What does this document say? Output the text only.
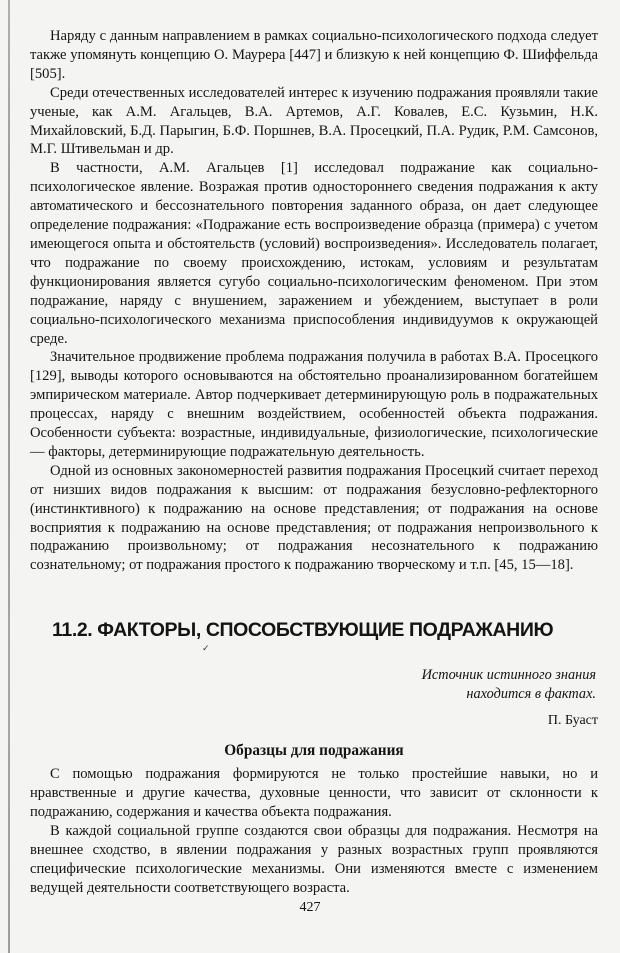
Наряду с данным направлением в рамках социально-психологического подхода следует также упомянуть концепцию О. Маурера [447] и близкую к ней концепцию Ф. Шиффельда [505].

Среди отечественных исследователей интерес к изучению подражания проявляли такие ученые, как А.М. Агальцев, В.А. Артемов, А.Г. Ковалев, Е.С. Кузьмин, Н.К. Михайловский, Б.Д. Парыгин, Б.Ф. Поршнев, В.А. Просецкий, П.А. Рудик, Р.М. Самсонов, М.Г. Штивельман и др.

В частности, А.М. Агальцев [1] исследовал подражание как социально-психологическое явление. Возражая против одностороннего сведения подражания к акту автоматического и бессознательного повторения заданного образа, он дает следующее определение подражания: «Подражание есть воспроизведение образца (примера) с учетом имеющегося опыта и обстоятельств (условий) воспроизведения». Исследователь полагает, что подражание по своему происхождению, истокам, условиям и результатам функционирования является сугубо социально-психологическим феноменом. При этом подражание, наряду с внушением, заражением и убеждением, выступает в роли социально-психологического механизма приспособления индивидуумов к окружающей среде.

Значительное продвижение проблема подражания получила в работах В.А. Просецкого [129], выводы которого основываются на обстоятельно проанализированном богатейшем эмпирическом материале. Автор подчеркивает детерминирующую роль в подражательных процессах, наряду с внешним воздействием, особенностей объекта подражания. Особенности субъекта: возрастные, индивидуальные, физиологические, психологические — факторы, детерминирующие подражательную деятельность.

Одной из основных закономерностей развития подражания Просецкий считает переход от низших видов подражания к высшим: от подражания безусловно-рефлекторного (инстинктивного) к подражанию на основе представления; от подражания на основе восприятия к подражанию на основе представления; от подражания непроизвольного к подражанию произвольному; от подражания несознательного к подражанию сознательному; от подражания простого к подражанию творческому и т.п. [45, 15—18].

11.2. ФАКТОРЫ, СПОСОБСТВУЮЩИЕ ПОДРАЖАНИЮ
Источник истинного знания
находится в фактах.
П. Буаст
Образцы для подражания

С помощью подражания формируются не только простейшие навыки, но и нравственные и другие качества, духовные ценности, что зависит от склонности к подражанию, содержания и качества объекта подражания.

В каждой социальной группе создаются свои образцы для подражания. Несмотря на внешнее сходство, в явлении подражания у разных возрастных групп проявляются специфические психологические механизмы. Они изменяются вместе с изменением ведущей деятельности соответствующего возраста.

✓
427
